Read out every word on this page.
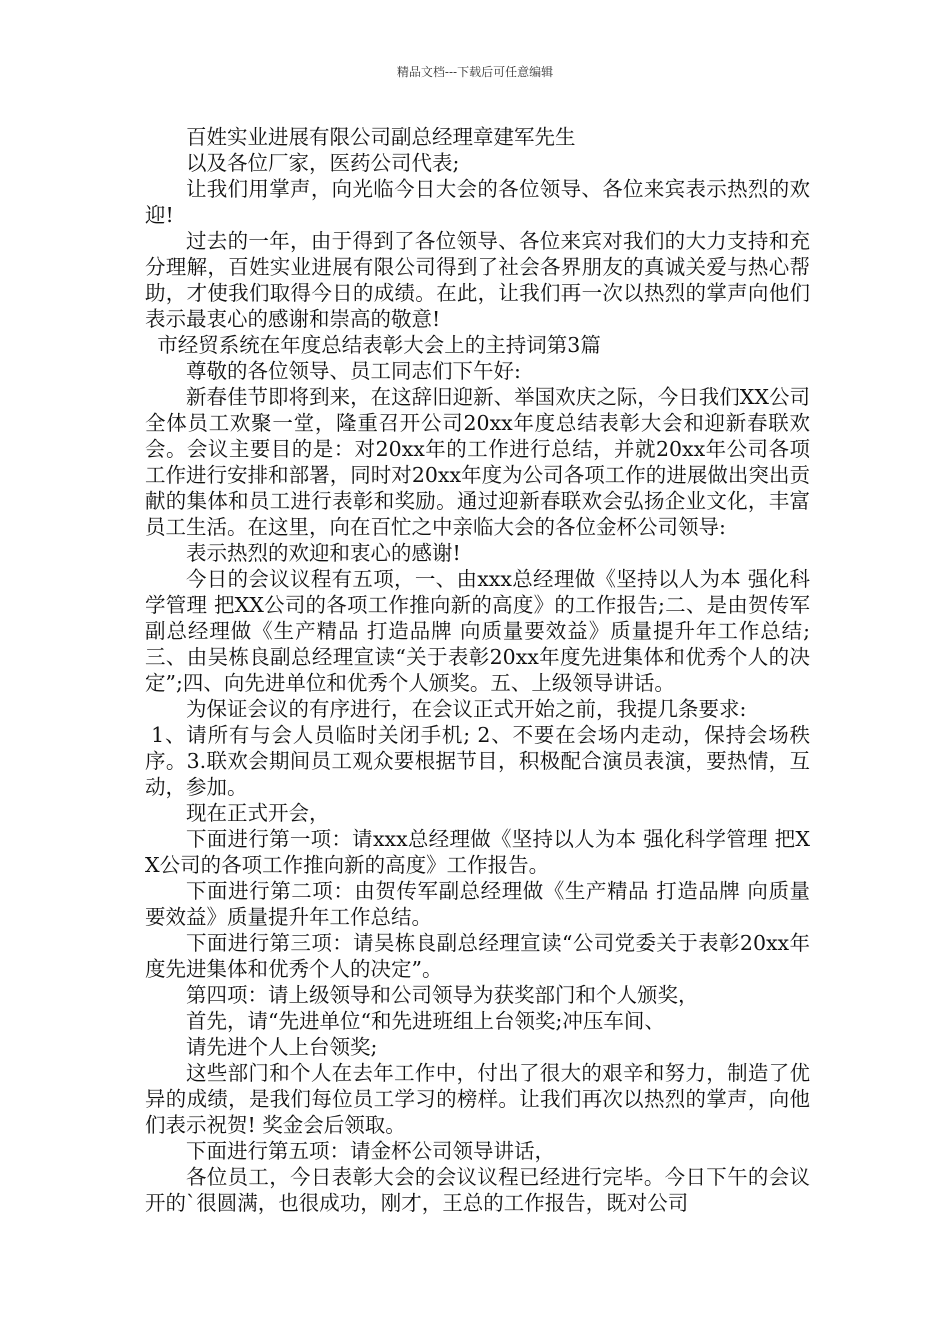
精品文档---下载后可任意编辑

百姓实业进展有限公司副总经理章建军先生

以及各位厂家，医药公司代表;

让我们用掌声，向光临今日大会的各位领导、各位来宾表示热烈的欢迎!

过去的一年，由于得到了各位领导、各位来宾对我们的大力支持和充分理解，百姓实业进展有限公司得到了社会各界朋友的真诚关爱与热心帮助，才使我们取得今日的成绩。在此，让我们再一次以热烈的掌声向他们表示最衷心的感谢和崇高的敬意!

市经贸系统在年度总结表彰大会上的主持词第3篇

尊敬的各位领导、员工同志们下午好:

新春佳节即将到来，在这辞旧迎新、举国欢庆之际，今日我们XX公司全体员工欢聚一堂，隆重召开公司20xx年度总结表彰大会和迎新春联欢会。会议主要目的是：对20xx年的工作进行总结，并就20xx年公司各项工作进行安排和部署，同时对20xx年度为公司各项工作的进展做出突出贡献的集体和员工进行表彰和奖励。通过迎新春联欢会弘扬企业文化，丰富员工生活。在这里，向在百忙之中亲临大会的各位金杯公司领导:

表示热烈的欢迎和衷心的感谢!

今日的会议议程有五项，一、由xxx总经理做《坚持以人为本 强化科学管理 把XX公司的各项工作推向新的高度》的工作报告;二、是由贺传军副总经理做《生产精品 打造品牌 向质量要效益》质量提升年工作总结;三、由吴栋良副总经理宣读“关于表彰20xx年度先进集体和优秀个人的决定”;四、向先进单位和优秀个人颁奖。五、上级领导讲话。

为保证会议的有序进行，在会议正式开始之前，我提几条要求:

1、请所有与会人员临时关闭手机; 2、不要在会场内走动，保持会场秩序。3.联欢会期间员工观众要根据节目，积极配合演员表演，要热情，互动，参加。

现在正式开会，

下面进行第一项：请xxx总经理做《坚持以人为本 强化科学管理 把XX公司的各项工作推向新的高度》工作报告。

下面进行第二项：由贺传军副总经理做《生产精品 打造品牌 向质量要效益》质量提升年工作总结。

下面进行第三项：请吴栋良副总经理宣读“公司党委关于表彰20xx年度先进集体和优秀个人的决定”。

第四项：请上级领导和公司领导为获奖部门和个人颁奖，

首先，请“先进单位“和先进班组上台领奖;冲压车间、

请先进个人上台领奖;

这些部门和个人在去年工作中，付出了很大的艰辛和努力，制造了优异的成绩，是我们每位员工学习的榜样。让我们再次以热烈的掌声，向他们表示祝贺! 奖金会后领取。

下面进行第五项：请金杯公司领导讲话，

各位员工，今日表彰大会的会议议程已经进行完毕。今日下午的会议开的`很圆满，也很成功，刚才，王总的工作报告，既对公司
